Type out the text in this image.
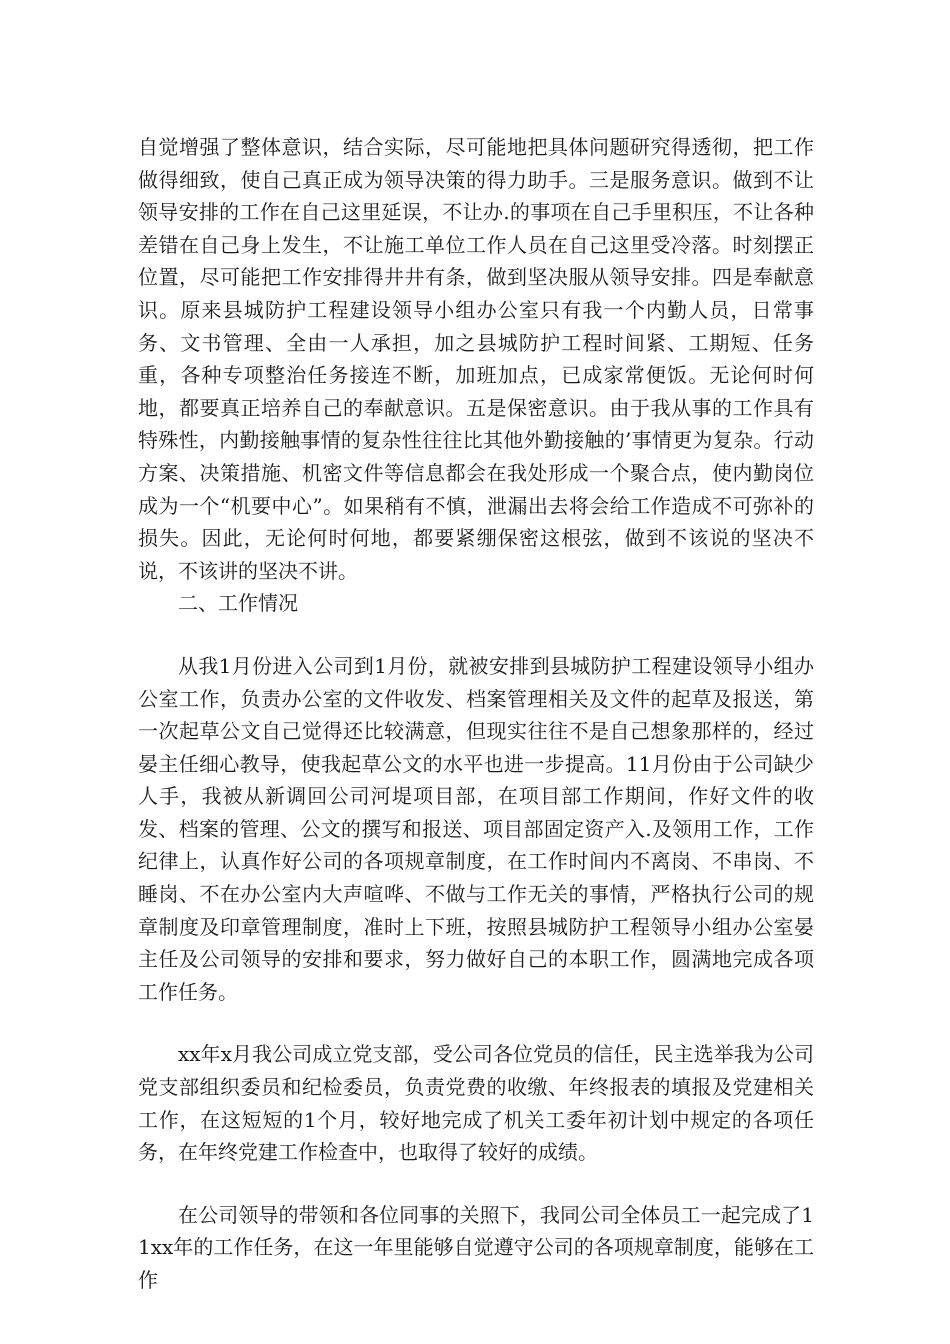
自觉增强了整体意识，结合实际，尽可能地把具体问题研究得透彻，把工作做得细致，使自己真正成为领导决策的得力助手。三是服务意识。做到不让领导安排的工作在自己这里延误，不让办.的事项在自己手里积压，不让各种差错在自己身上发生，不让施工单位工作人员在自己这里受冷落。时刻摆正位置，尽可能把工作安排得井井有条，做到坚决服从领导安排。四是奉献意识。原来县城防护工程建设领导小组办公室只有我一个内勤人员，日常事务、文书管理、全由一人承担，加之县城防护工程时间紧、工期短、任务重，各种专项整治任务接连不断，加班加点，已成家常便饭。无论何时何地，都要真正培养自己的奉献意识。五是保密意识。由于我从事的工作具有特殊性，内勤接触事情的复杂性往往比其他外勤接触的’事情更为复杂。行动方案、决策措施、机密文件等信息都会在我处形成一个聚合点，使内勤岗位成为一个“机要中心”。如果稍有不慎，泄漏出去将会给工作造成不可弥补的损失。因此，无论何时何地，都要紧绷保密这根弦，做到不该说的坚决不说，不该讲的坚决不讲。

二、工作情况

从我1月份进入公司到1月份，就被安排到县城防护工程建设领导小组办公室工作，负责办公室的文件收发、档案管理相关及文件的起草及报送，第一次起草公文自己觉得还比较满意，但现实往往不是自己想象那样的，经过晏主任细心教导，使我起草公文的水平也进一步提高。11月份由于公司缺少人手，我被从新调回公司河堤项目部，在项目部工作期间，作好文件的收发、档案的管理、公文的撰写和报送、项目部固定资产入.及领用工作，工作纪律上，认真作好公司的各项规章制度，在工作时间内不离岗、不串岗、不睡岗、不在办公室内大声喧哗、不做与工作无关的事情，严格执行公司的规章制度及印章管理制度，准时上下班，按照县城防护工程领导小组办公室晏主任及公司领导的安排和要求，努力做好自己的本职工作，圆满地完成各项工作任务。

xx年x月我公司成立党支部，受公司各位党员的信任，民主选举我为公司党支部组织委员和纪检委员，负责党费的收缴、年终报表的填报及党建相关工作，在这短短的1个月，较好地完成了机关工委年初计划中规定的各项任务，在年终党建工作检查中，也取得了较好的成绩。

在公司领导的带领和各位同事的关照下，我同公司全体员工一起完成了11xx年的工作任务，在这一年里能够自觉遵守公司的各项规章制度，能够在工作
